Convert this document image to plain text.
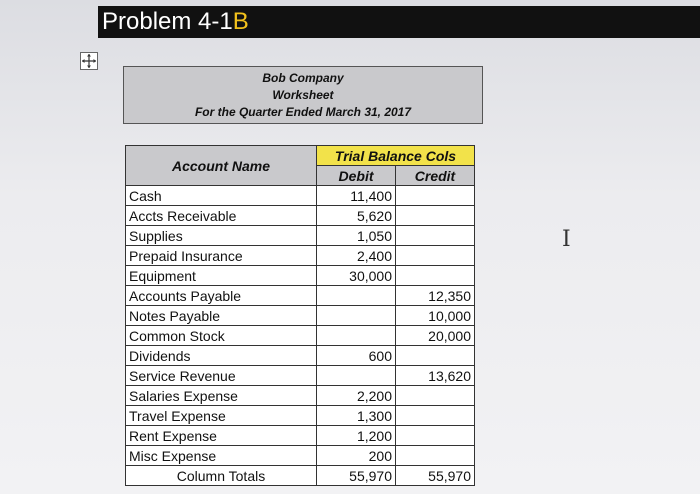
Problem 4-1B
Bob Company
Worksheet
For the Quarter Ended March 31, 2017
Account Name	Trial Balance Cols	
	Debit	Credit
Cash	11,400	
Accts Receivable	5,620	
Supplies	1,050	
Prepaid Insurance	2,400	
Equipment	30,000	
Accounts Payable		12,350
Notes Payable		10,000
Common Stock		20,000
Dividends	600	
Service Revenue		13,620
Salaries Expense	2,200	
Travel Expense	1,300	
Rent Expense	1,200	
Misc Expense	200	
Column Totals	55,970	55,970
I
